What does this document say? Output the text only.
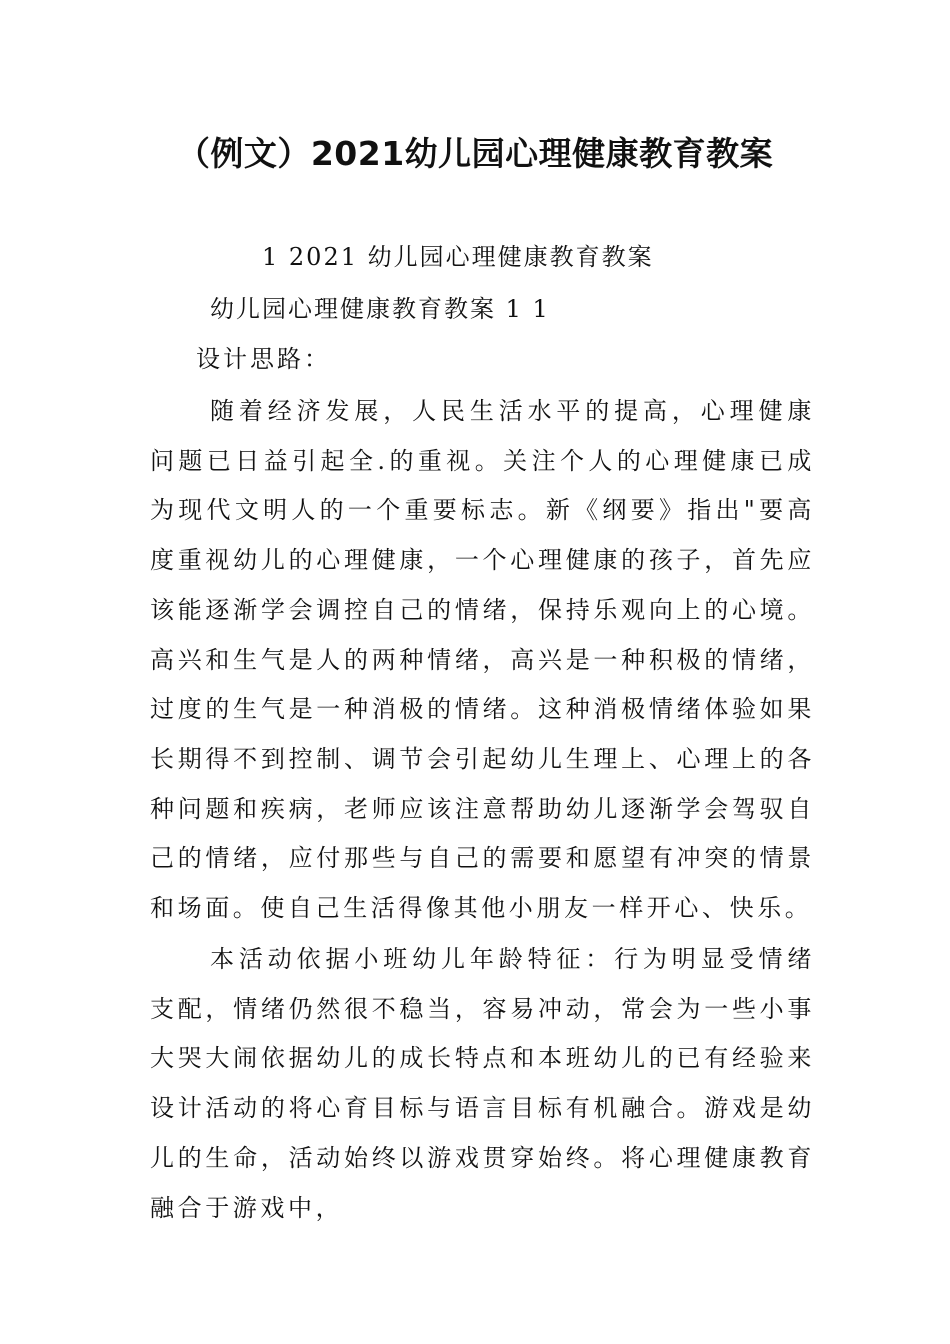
（例文）2021幼儿园心理健康教育教案

1 2021 幼儿园心理健康教育教案

幼儿园心理健康教育教案 1 1

设计思路：

随着经济发展，人民生活水平的提高，心理健康问题已日益引起全.的重视。关注个人的心理健康已成为现代文明人的一个重要标志。新《纲要》指出"要高度重视幼儿的心理健康，一个心理健康的孩子，首先应该能逐渐学会调控自己的情绪，保持乐观向上的心境。高兴和生气是人的两种情绪，高兴是一种积极的情绪，过度的生气是一种消极的情绪。这种消极情绪体验如果长期得不到控制、调节会引起幼儿生理上、心理上的各种问题和疾病，老师应该注意帮助幼儿逐渐学会驾驭自己的情绪，应付那些与自己的需要和愿望有冲突的情景和场面。使自己生活得像其他小朋友一样开心、快乐。

本活动依据小班幼儿年龄特征：行为明显受情绪支配，情绪仍然很不稳当，容易冲动，常会为一些小事大哭大闹依据幼儿的成长特点和本班幼儿的已有经验来设计活动的将心育目标与语言目标有机融合。游戏是幼儿的生命，活动始终以游戏贯穿始终。将心理健康教育融合于游戏中，
